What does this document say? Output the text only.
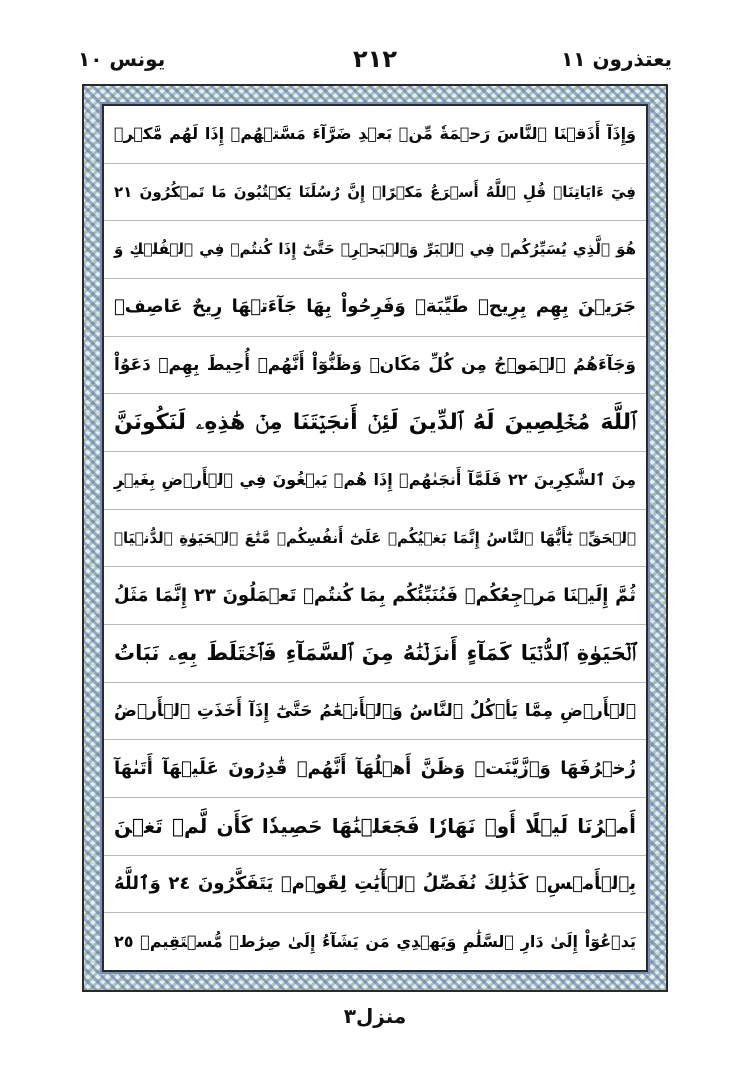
يعتذرون ١١
٢١٢
يونس ١٠
وَإِذَآ أَذَقۡنَا ٱلنَّاسَ رَحۡمَةٗ مِّنۢ بَعۡدِ ضَرَّآءَ مَسَّتۡهُمۡ إِذَا لَهُم مَّكۡرٞ
فِيٓ ءَايَاتِنَاۚ قُلِ ٱللَّهُ أَسۡرَعُ مَكۡرًاۚ إِنَّ رُسُلَنَا يَكۡتُبُونَ مَا تَمۡكُرُونَ ٢١
هُوَ ٱلَّذِي يُسَيِّرُكُمۡ فِي ٱلۡبَرِّ وَٱلۡبَحۡرِۖ حَتَّىٰٓ إِذَا كُنتُمۡ فِي ٱلۡفُلۡكِ وَ
جَرَيۡنَ بِهِم بِرِيحٖ طَيِّبَةٖ وَفَرِحُواْ بِهَا جَآءَتۡهَا رِيحٌ عَاصِفٞ
وَجَآءَهُمُ ٱلۡمَوۡجُ مِن كُلِّ مَكَانٖ وَظَنُّوٓاْ أَنَّهُمۡ أُحِيطَ بِهِمۡ دَعَوُاْ
ٱللَّهَ مُخۡلِصِينَ لَهُ ٱلدِّينَ لَئِنۡ أَنجَيۡتَنَا مِنۡ هَٰذِهِۦ لَنَكُونَنَّ
مِنَ ٱلشَّٰكِرِينَ ٢٢ فَلَمَّآ أَنجَىٰهُمۡ إِذَا هُمۡ يَبۡغُونَ فِي ٱلۡأَرۡضِ بِغَيۡرِ
ٱلۡحَقِّۗ يَٰٓأَيُّهَا ٱلنَّاسُ إِنَّمَا بَغۡيُكُمۡ عَلَىٰٓ أَنفُسِكُمۖ مَّتَٰعَ ٱلۡحَيَوٰةِ ٱلدُّنۡيَاۖ
ثُمَّ إِلَيۡنَا مَرۡجِعُكُمۡ فَنُنَبِّئُكُم بِمَا كُنتُمۡ تَعۡمَلُونَ ٢٣ إِنَّمَا مَثَلُ
ٱلۡحَيَوٰةِ ٱلدُّنۡيَا كَمَآءٍ أَنزَلۡنَٰهُ مِنَ ٱلسَّمَآءِ فَٱخۡتَلَطَ بِهِۦ نَبَاتُ
ٱلۡأَرۡضِ مِمَّا يَأۡكُلُ ٱلنَّاسُ وَٱلۡأَنۡعَٰمُ حَتَّىٰٓ إِذَآ أَخَذَتِ ٱلۡأَرۡضُ
زُخۡرُفَهَا وَٱزَّيَّنَتۡ وَظَنَّ أَهۡلُهَآ أَنَّهُمۡ قَٰدِرُونَ عَلَيۡهَآ أَتَىٰهَآ
أَمۡرُنَا لَيۡلًا أَوۡ نَهَارٗا فَجَعَلۡنَٰهَا حَصِيدٗا كَأَن لَّمۡ تَغۡنَ
بِٱلۡأَمۡسِۚ كَذَٰلِكَ نُفَصِّلُ ٱلۡأٓيَٰتِ لِقَوۡمٖ يَتَفَكَّرُونَ ٢٤ وَٱللَّهُ
يَدۡعُوٓاْ إِلَىٰ دَارِ ٱلسَّلَٰمِ وَيَهۡدِي مَن يَشَآءُ إِلَىٰ صِرَٰطٖ مُّسۡتَقِيمٖ ٢٥
منزل٣
